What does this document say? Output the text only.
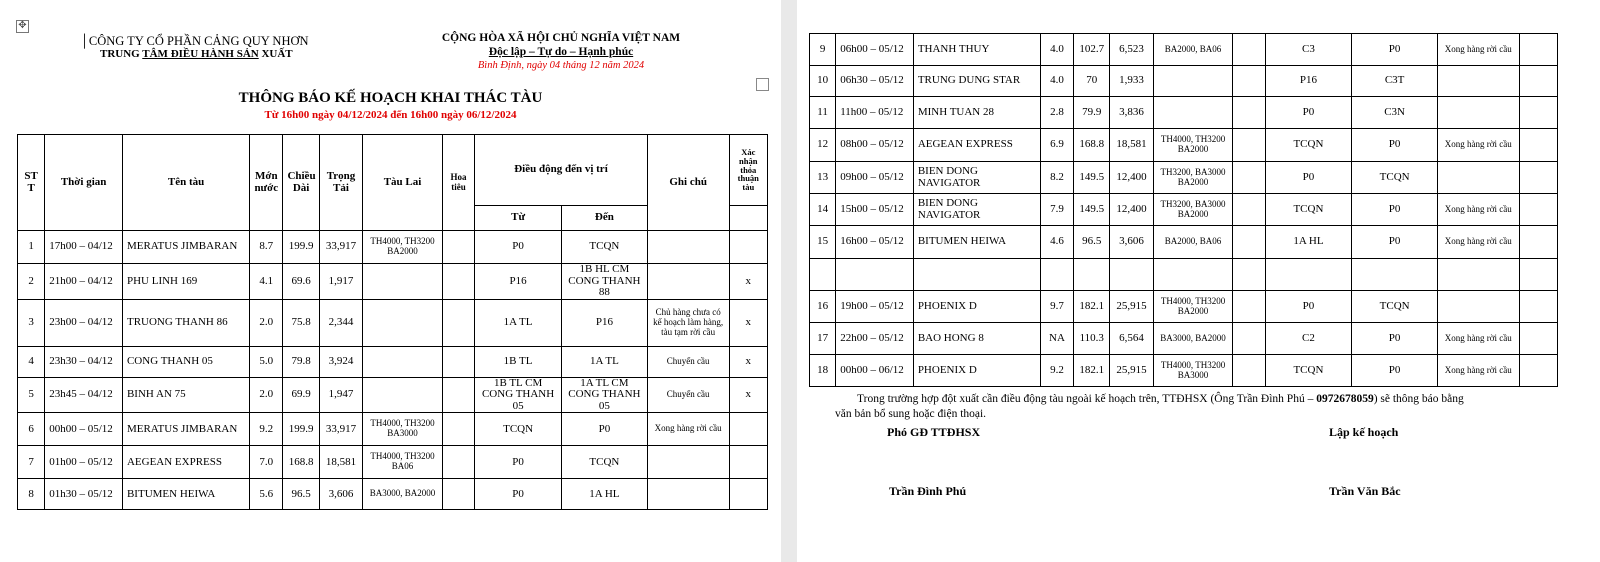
✥
│CÔNG TY CỔ PHẦN CẢNG QUY NHƠN
TRUNG TÂM ĐIỀU HÀNH SẢN XUẤT
CỘNG HÒA XÃ HỘI CHỦ NGHĨA VIỆT NAM
Độc lập – Tự do – Hạnh phúc
Bình Định, ngày 04 tháng 12 năm 2024
THÔNG BÁO KẾ HOẠCH KHAI THÁC TÀU
Từ 16h00 ngày 04/12/2024 đến 16h00 ngày 06/12/2024
ST T	Thời gian	Tên tàu	Mớn nước	Chiều Dài	Trọng Tải	Tàu Lai	Hoa tiêu	Điều động đến vị trí		Ghi chú	Xác nhận thỏa thuận tàu
								Từ	Đến		
1	17h00 – 04/12	MERATUS JIMBARAN	8.7	199.9	33,917	TH4000, TH3200 BA2000		P0	TCQN		
2	21h00 – 04/12	PHU LINH 169	4.1	69.6	1,917			P16	1B HL CM CONG THANH 88		x
3	23h00 – 04/12	TRUONG THANH 86	2.0	75.8	2,344			1A TL	P16	Chủ hàng chưa có kế hoạch làm hàng, tàu tạm rời cầu	x
4	23h30 – 04/12	CONG THANH 05	5.0	79.8	3,924			1B TL	1A TL	Chuyển cầu	x
5	23h45 – 04/12	BINH AN 75	2.0	69.9	1,947			1B TL CM CONG THANH 05	1A TL CM CONG THANH 05	Chuyển cầu	x
6	00h00 – 05/12	MERATUS JIMBARAN	9.2	199.9	33,917	TH4000, TH3200 BA3000		TCQN	P0	Xong hàng rời cầu	
7	01h00 – 05/12	AEGEAN EXPRESS	7.0	168.8	18,581	TH4000, TH3200 BA06		P0	TCQN		
8	01h30 – 05/12	BITUMEN HEIWA	5.6	96.5	3,606	BA3000, BA2000		P0	1A HL		
9	06h00 – 05/12	THANH THUY	4.0	102.7	6,523	BA2000, BA06		C3	P0	Xong hàng rời cầu	
10	06h30 – 05/12	TRUNG DUNG STAR	4.0	70	1,933			P16	C3T		
11	11h00 – 05/12	MINH TUAN 28	2.8	79.9	3,836			P0	C3N		
12	08h00 – 05/12	AEGEAN EXPRESS	6.9	168.8	18,581	TH4000, TH3200 BA2000		TCQN	P0	Xong hàng rời cầu	
13	09h00 – 05/12	BIEN DONG NAVIGATOR	8.2	149.5	12,400	TH3200, BA3000 BA2000		P0	TCQN		
14	15h00 – 05/12	BIEN DONG NAVIGATOR	7.9	149.5	12,400	TH3200, BA3000 BA2000		TCQN	P0	Xong hàng rời cầu	
15	16h00 – 05/12	BITUMEN HEIWA	4.6	96.5	3,606	BA2000, BA06		1A HL	P0	Xong hàng rời cầu	

16	19h00 – 05/12	PHOENIX D	9.7	182.1	25,915	TH4000, TH3200 BA2000		P0	TCQN		
17	22h00 – 05/12	BAO HONG 8	NA	110.3	6,564	BA3000, BA2000		C2	P0	Xong hàng rời cầu	
18	00h00 – 06/12	PHOENIX D	9.2	182.1	25,915	TH4000, TH3200 BA3000		TCQN	P0	Xong hàng rời cầu	
Trong trường hợp đột xuất cần điều động tàu ngoài kế hoạch trên, TTĐHSX (Ông Trần Đình Phú – 0972678059) sẽ thông báo bằng
văn bản bổ sung hoặc điện thoại.
Phó GĐ TTĐHSX	Lập kế hoạch
Trần Đình Phú	Trần Văn Bắc
